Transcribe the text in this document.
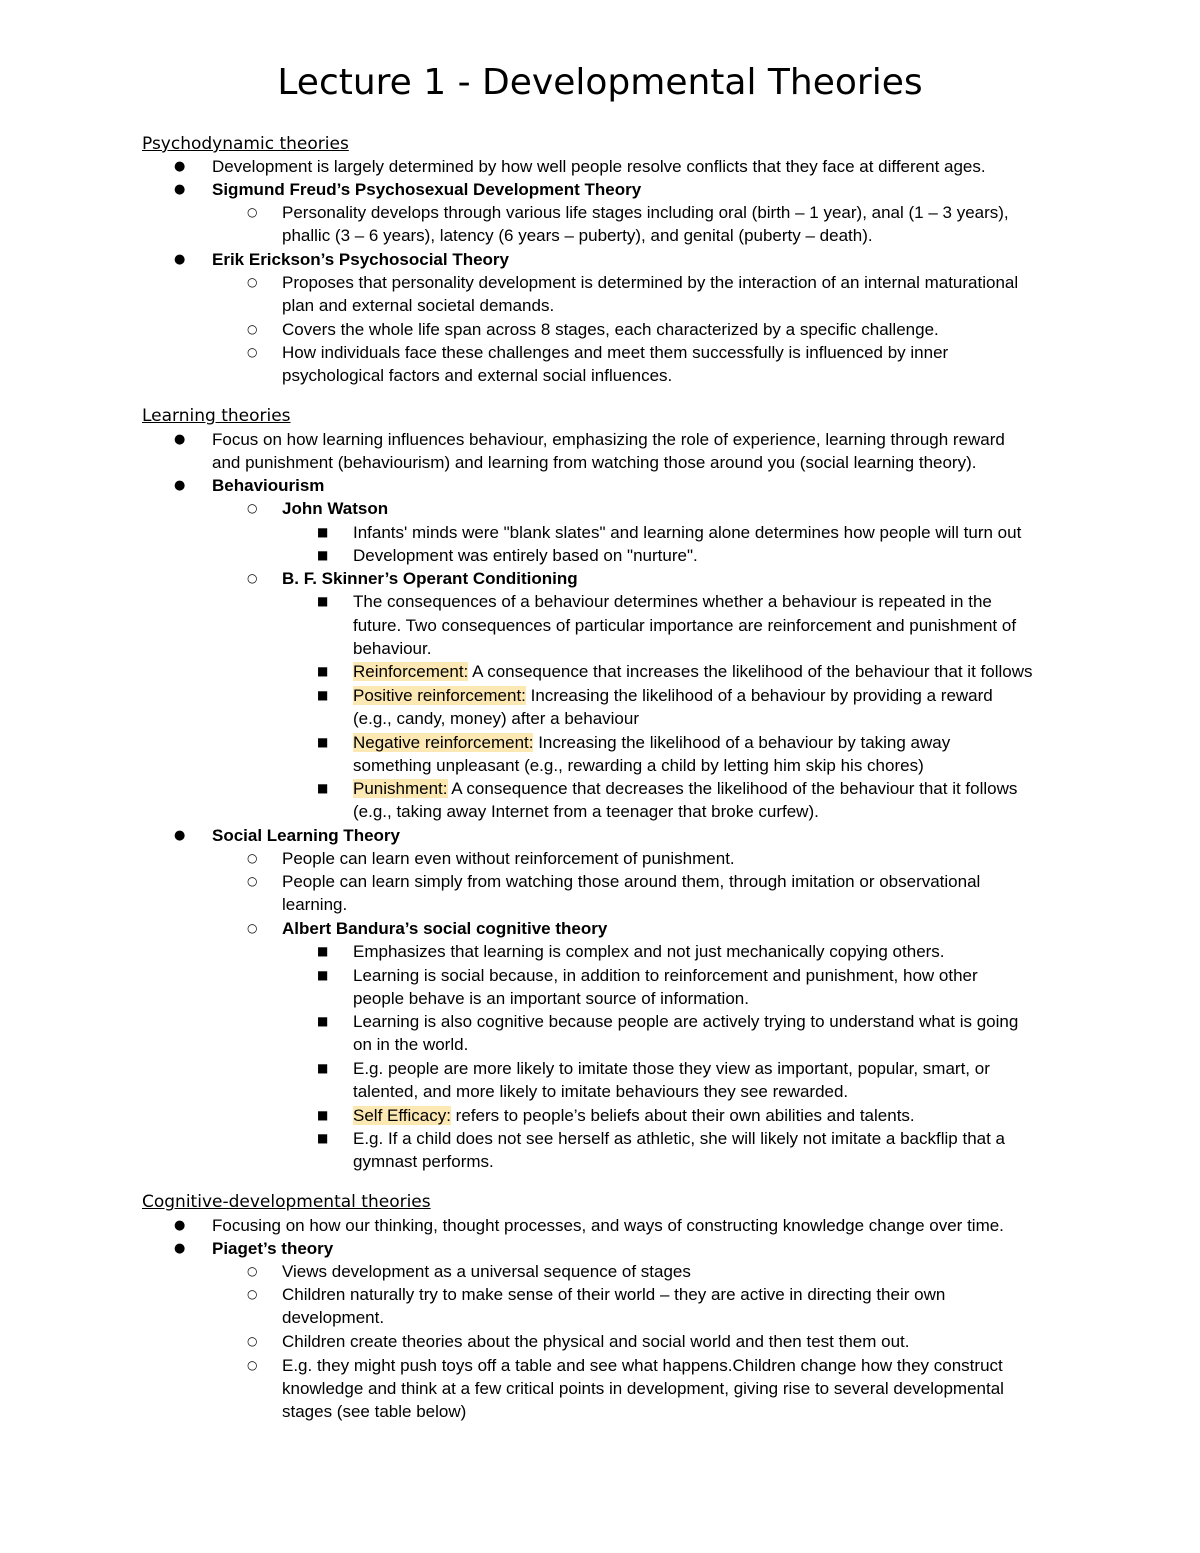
Lecture 1 - Developmental Theories
Psychodynamic theories
● Development is largely determined by how well people resolve conflicts that they face at different ages.
● Sigmund Freud’s Psychosexual Development Theory
○ Personality develops through various life stages including oral (birth – 1 year), anal (1 – 3 years),
phallic (3 – 6 years), latency (6 years – puberty), and genital (puberty – death).
● Erik Erickson’s Psychosocial Theory
○ Proposes that personality development is determined by the interaction of an internal maturational
plan and external societal demands.
○ Covers the whole life span across 8 stages, each characterized by a specific challenge.
○ How individuals face these challenges and meet them successfully is influenced by inner
psychological factors and external social influences.
Learning theories
● Focus on how learning influences behaviour, emphasizing the role of experience, learning through reward
and punishment (behaviourism) and learning from watching those around you (social learning theory).
● Behaviourism
○ John Watson
■ Infants' minds were "blank slates" and learning alone determines how people will turn out
■ Development was entirely based on "nurture".
○ B. F. Skinner’s Operant Conditioning
■ The consequences of a behaviour determines whether a behaviour is repeated in the
future. Two consequences of particular importance are reinforcement and punishment of
behaviour.
■ Reinforcement: A consequence that increases the likelihood of the behaviour that it follows
■ Positive reinforcement: Increasing the likelihood of a behaviour by providing a reward
(e.g., candy, money) after a behaviour
■ Negative reinforcement: Increasing the likelihood of a behaviour by taking away
something unpleasant (e.g., rewarding a child by letting him skip his chores)
■ Punishment: A consequence that decreases the likelihood of the behaviour that it follows
(e.g., taking away Internet from a teenager that broke curfew).
● Social Learning Theory
○ People can learn even without reinforcement of punishment.
○ People can learn simply from watching those around them, through imitation or observational
learning.
○ Albert Bandura’s social cognitive theory
■ Emphasizes that learning is complex and not just mechanically copying others.
■ Learning is social because, in addition to reinforcement and punishment, how other
people behave is an important source of information.
■ Learning is also cognitive because people are actively trying to understand what is going
on in the world.
■ E.g. people are more likely to imitate those they view as important, popular, smart, or
talented, and more likely to imitate behaviours they see rewarded.
■ Self Efficacy: refers to people’s beliefs about their own abilities and talents.
■ E.g. If a child does not see herself as athletic, she will likely not imitate a backflip that a
gymnast performs.
Cognitive-developmental theories
● Focusing on how our thinking, thought processes, and ways of constructing knowledge change over time.
● Piaget’s theory
○ Views development as a universal sequence of stages
○ Children naturally try to make sense of their world – they are active in directing their own
development.
○ Children create theories about the physical and social world and then test them out.
○ E.g. they might push toys off a table and see what happens.Children change how they construct
knowledge and think at a few critical points in development, giving rise to several developmental
stages (see table below)
